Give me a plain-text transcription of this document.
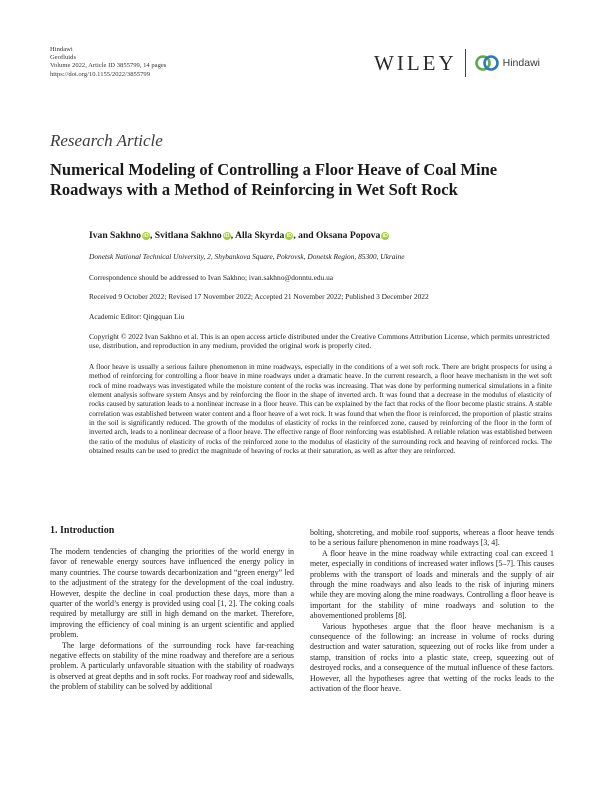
Hindawi
Geofluids
Volume 2022, Article ID 3855799, 14 pages
https://doi.org/10.1155/2022/3855799	WILEY	Hindawi
Research Article
Numerical Modeling of Controlling a Floor Heave of Coal Mine Roadways with a Method of Reinforcing in Wet Soft Rock
Ivan Sakhno iD, Svitlana Sakhno iD, Alla Skyrda iD, and Oksana Popova iD
Donetsk National Technical University, 2, Shybankova Square, Pokrovsk, Donetsk Region, 85300, Ukraine
Correspondence should be addressed to Ivan Sakhno; ivan.sakhno@donntu.edu.ua
Received 9 October 2022; Revised 17 November 2022; Accepted 21 November 2022; Published 3 December 2022
Academic Editor: Qingquan Liu
Copyright © 2022 Ivan Sakhno et al. This is an open access article distributed under the Creative Commons Attribution License, which permits unrestricted use, distribution, and reproduction in any medium, provided the original work is properly cited.
A floor heave is usually a serious failure phenomenon in mine roadways, especially in the conditions of a wet soft rock. There are bright prospects for using a method of reinforcing for controlling a floor heave in mine roadways under a dramatic heave. In the current research, a floor heave mechanism in the wet soft rock of mine roadways was investigated while the moisture content of the rocks was increasing. That was done by performing numerical simulations in a finite element analysis software system Ansys and by reinforcing the floor in the shape of inverted arch. It was found that a decrease in the modulus of elasticity of rocks caused by saturation leads to a nonlinear increase in a floor heave. This can be explained by the fact that rocks of the floor become plastic strains. A stable correlation was established between water content and a floor heave of a wet rock. It was found that when the floor is reinforced, the proportion of plastic strains in the soil is significantly reduced. The growth of the modulus of elasticity of rocks in the reinforced zone, caused by reinforcing of the floor in the form of inverted arch, leads to a nonlinear decrease of a floor heave. The effective range of floor reinforcing was established. A reliable relation was established between the ratio of the modulus of elasticity of rocks of the reinforced zone to the modulus of elasticity of the surrounding rock and heaving of reinforced rocks. The obtained results can be used to predict the magnitude of heaving of rocks at their saturation, as well as after they are reinforced.
1. Introduction

The modern tendencies of changing the priorities of the world energy in favor of renewable energy sources have influenced the energy policy in many countries. The course towards decarbonization and “green energy” led to the adjustment of the strategy for the development of the coal industry. However, despite the decline in coal production these days, more than a quarter of the world’s energy is provided using coal [1, 2]. The coking coals required by metallurgy are still in high demand on the market. Therefore, improving the efficiency of coal mining is an urgent scientific and applied problem.

The large deformations of the surrounding rock have far-reaching negative effects on stability of the mine roadway and therefore are a serious problem. A particularly unfavorable situation with the stability of roadways is observed at great depths and in soft rocks. For roadway roof and sidewalls, the problem of stability can be solved by additional

bolting, shotcreting, and mobile roof supports, whereas a floor heave tends to be a serious failure phenomenon in mine roadways [3, 4].

A floor heave in the mine roadway while extracting coal can exceed 1 meter, especially in conditions of increased water inflows [5–7]. This causes problems with the transport of loads and minerals and the supply of air through the mine roadways and also leads to the risk of injuring miners while they are moving along the mine roadways. Controlling a floor heave is important for the stability of mine roadways and solution to the abovementioned problems [8].

Various hypotheses argue that the floor heave mechanism is a consequence of the following: an increase in volume of rocks during destruction and water saturation, squeezing out of rocks like from under a stamp, transition of rocks into a plastic state, creep, squeezing out of destroyed rocks, and a consequence of the mutual influence of these factors. However, all the hypotheses agree that wetting of the rocks leads to the activation of the floor heave.
